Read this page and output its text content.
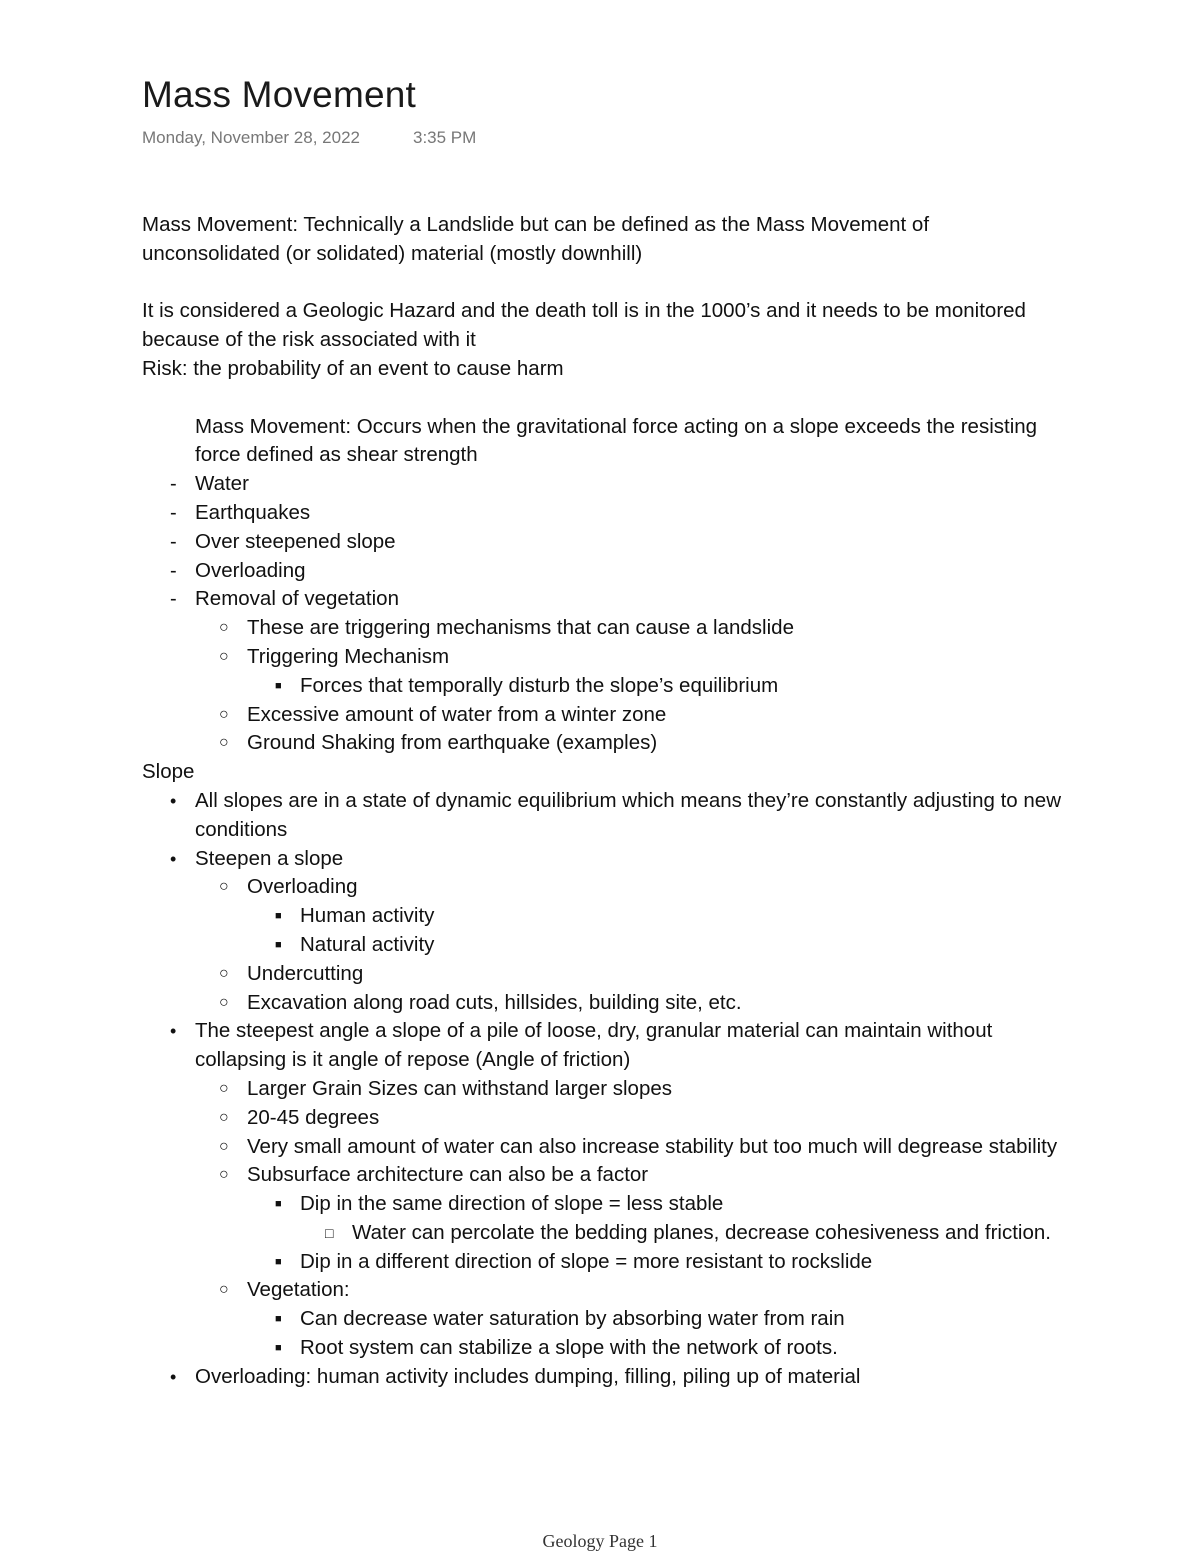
Mass Movement
Monday, November 28, 2022	3:35 PM

Mass Movement: Technically a Landslide but can be defined as the Mass Movement of unconsolidated (or solidated) material (mostly downhill)

It is considered a Geologic Hazard and the death toll is in the 1000’s and it needs to be monitored because of the risk associated with it

Risk: the probability of an event to cause harm

Mass Movement: Occurs when the gravitational force acting on a slope exceeds the resisting force defined as shear strength

- Water
- Earthquakes
- Over steepened slope
- Overloading
- Removal of vegetation
○ These are triggering mechanisms that can cause a landslide
○ Triggering Mechanism
■ Forces that temporally disturb the slope’s equilibrium
○ Excessive amount of water from a winter zone
○ Ground Shaking from earthquake (examples)

Slope

• All slopes are in a state of dynamic equilibrium which means they’re constantly adjusting to new conditions
• Steepen a slope
○ Overloading
■ Human activity
■ Natural activity
○ Undercutting
○ Excavation along road cuts, hillsides, building site, etc.
• The steepest angle a slope of a pile of loose, dry, granular material can maintain without collapsing is it angle of repose (Angle of friction)
○ Larger Grain Sizes can withstand larger slopes
○ 20-45 degrees
○ Very small amount of water can also increase stability but too much will degrease stability
○ Subsurface architecture can also be a factor
■ Dip in the same direction of slope = less stable
□ Water can percolate the bedding planes, decrease cohesiveness and friction.
■ Dip in a different direction of slope = more resistant to rockslide
○ Vegetation:
■ Can decrease water saturation by absorbing water from rain
■ Root system can stabilize a slope with the network of roots.
• Overloading: human activity includes dumping, filling, piling up of material
Geology Page 1
